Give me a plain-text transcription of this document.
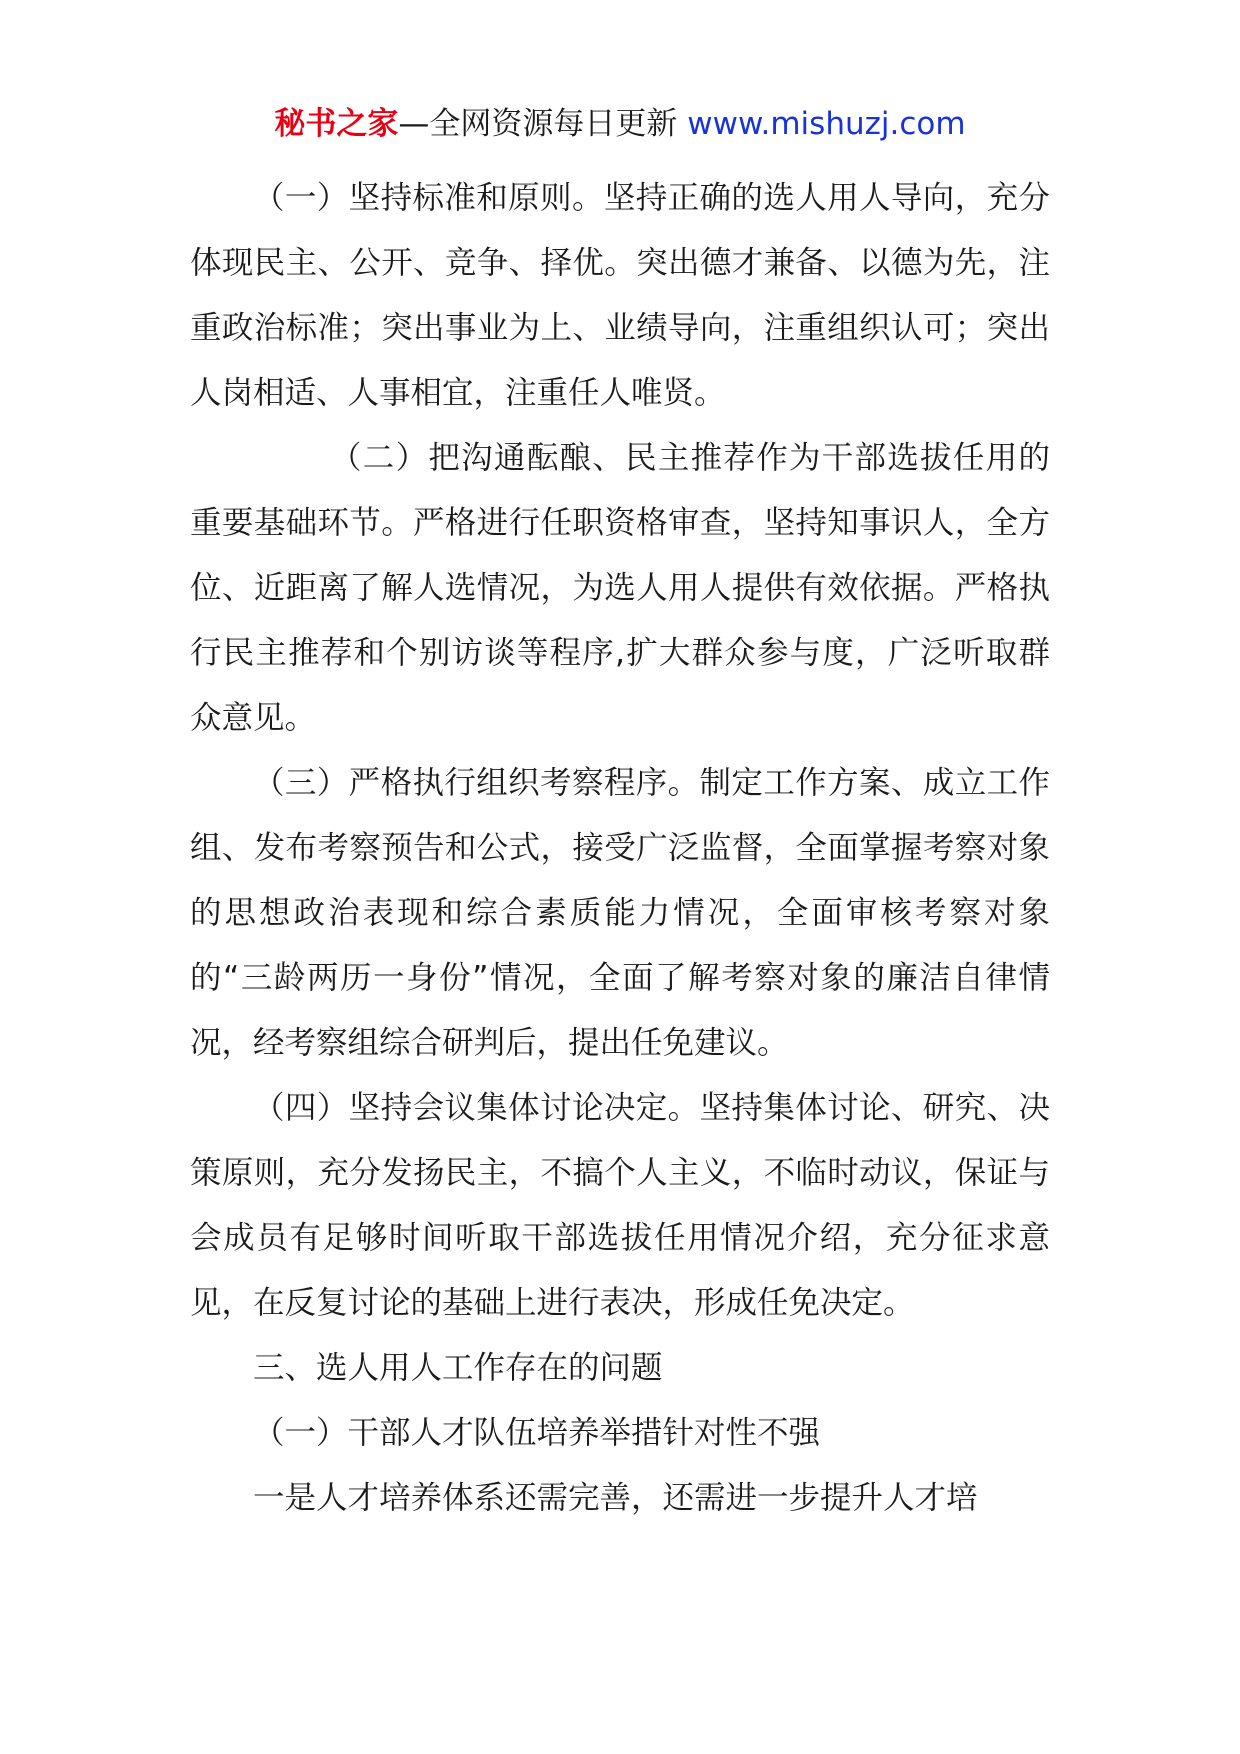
秘书之家—全网资源每日更新 www.mishuzj.com

（一）坚持标准和原则。坚持正确的选人用人导向，充分体现民主、公开、竞争、择优。突出德才兼备、以德为先，注重政治标准；突出事业为上、业绩导向，注重组织认可；突出人岗相适、人事相宜，注重任人唯贤。

（二）把沟通酝酿、民主推荐作为干部选拔任用的重要基础环节。严格进行任职资格审查，坚持知事识人，全方位、近距离了解人选情况，为选人用人提供有效依据。严格执行民主推荐和个别访谈等程序,扩大群众参与度，广泛听取群众意见。

（三）严格执行组织考察程序。制定工作方案、成立工作组、发布考察预告和公式，接受广泛监督，全面掌握考察对象的思想政治表现和综合素质能力情况，全面审核考察对象的“三龄两历一身份”情况，全面了解考察对象的廉洁自律情况，经考察组综合研判后，提出任免建议。

（四）坚持会议集体讨论决定。坚持集体讨论、研究、决策原则，充分发扬民主，不搞个人主义，不临时动议，保证与会成员有足够时间听取干部选拔任用情况介绍，充分征求意见，在反复讨论的基础上进行表决，形成任免决定。

三、选人用人工作存在的问题

（一）干部人才队伍培养举措针对性不强

一是人才培养体系还需完善，还需进一步提升人才培
